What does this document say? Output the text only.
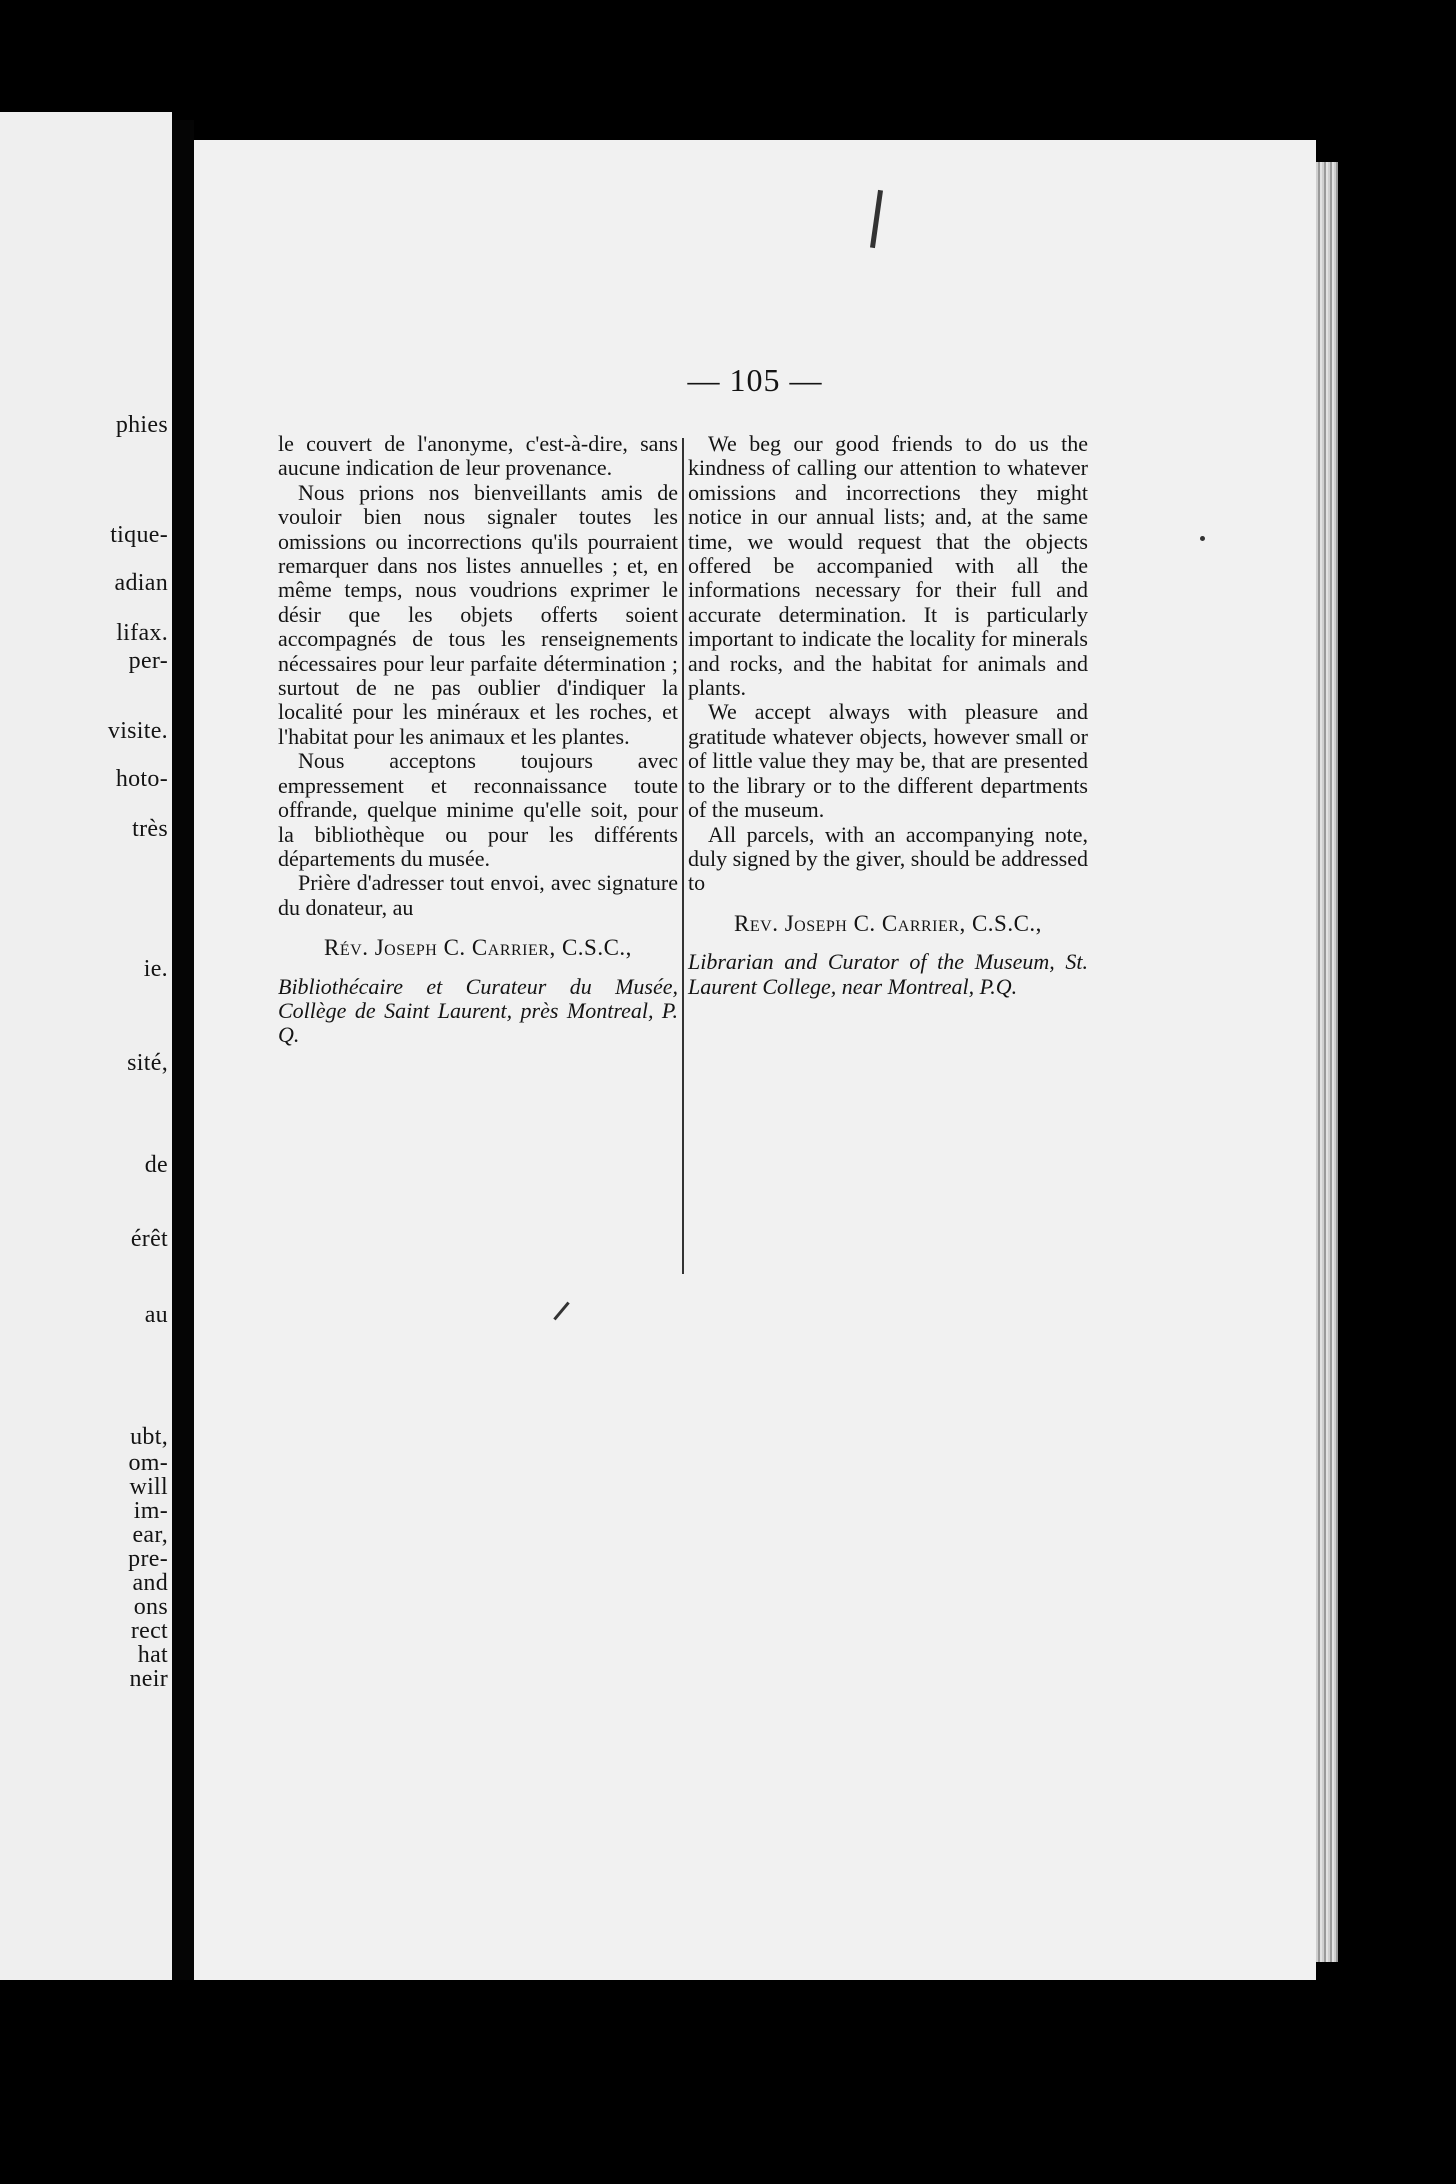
phies
tique-
adian
lifax.
per-
visite.
hoto-
très
ie.
sité,
de
érêt
au
ubt,
om-
will
im-
ear,
pre-
and
ons
rect
hat
neir
— 105 —

le couvert de l'anonyme, c'est-à-dire, sans aucune indication de leur provenance.

Nous prions nos bienveillants amis de vouloir bien nous signaler toutes les omissions ou incorrections qu'ils pourraient remarquer dans nos listes annuelles ; et, en même temps, nous voudrions exprimer le désir que les objets offerts soient accompagnés de tous les renseignements nécessaires pour leur parfaite détermination ; surtout de ne pas oublier d'indiquer la localité pour les minéraux et les roches, et l'habitat pour les animaux et les plantes.

Nous acceptons toujours avec empressement et reconnaissance toute offrande, quelque minime qu'elle soit, pour la bibliothèque ou pour les différents départements du musée.

Prière d'adresser tout envoi, avec signature du donateur, au

Rév. Joseph C. Carrier, C.S.C.,

Bibliothécaire et Curateur du Musée, Collège de Saint Laurent, près Montreal, P. Q.

We beg our good friends to do us the kindness of calling our attention to whatever omissions and incorrections they might notice in our annual lists; and, at the same time, we would request that the objects offered be accompanied with all the informations necessary for their full and accurate determination. It is particularly important to indicate the locality for minerals and rocks, and the habitat for animals and plants.

We accept always with pleasure and gratitude whatever objects, however small or of little value they may be, that are presented to the library or to the different departments of the museum.

All parcels, with an accompanying note, duly signed by the giver, should be addressed to

Rev. Joseph C. Carrier, C.S.C.,

Librarian and Curator of the Museum, St. Laurent College, near Montreal, P.Q.
